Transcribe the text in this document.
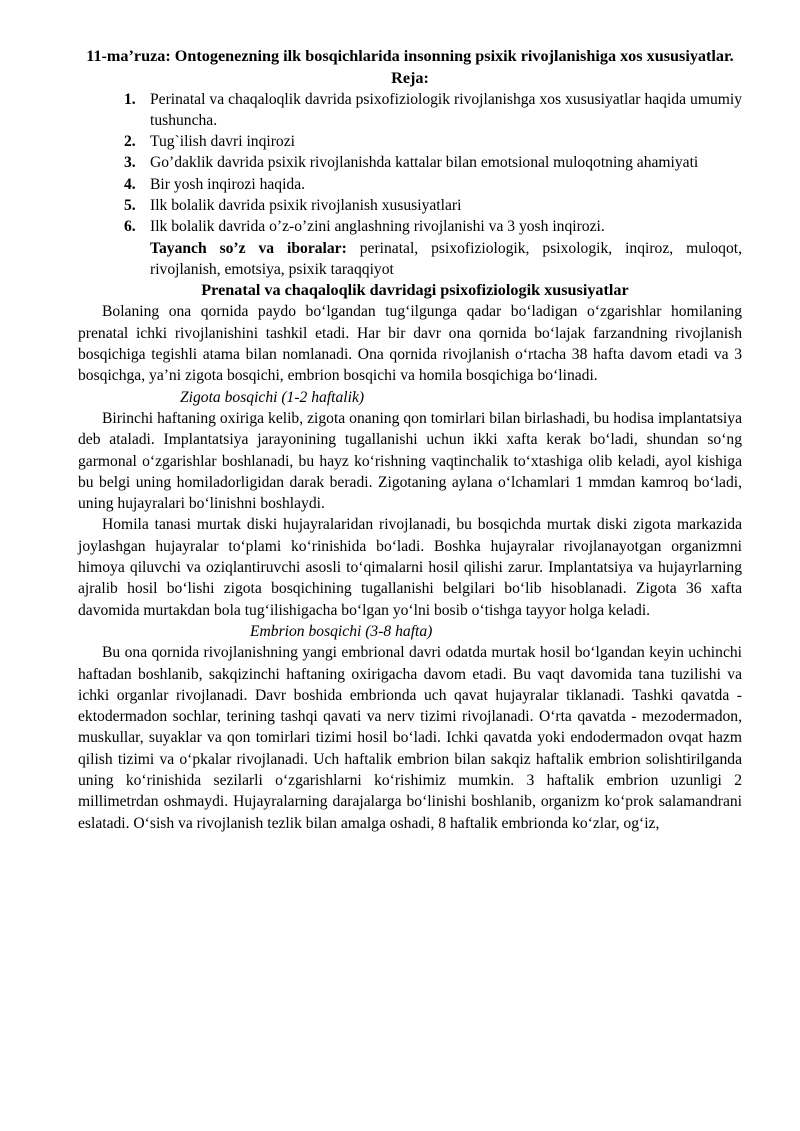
11-ma’ruza: Ontogenezning ilk bosqichlarida insonning psixik rivojlanishiga xos xususiyatlar.
Reja:
1. Perinatal va chaqaloqlik davrida psixofiziologik rivojlanishga xos xususiyatlar haqida umumiy tushuncha.
2. Tug`ilish davri inqirozi
3. Go’daklik davrida psixik rivojlanishda kattalar bilan emotsional muloqotning ahamiyati
4. Bir yosh inqirozi haqida.
5. Ilk bolalik davrida psixik rivojlanish xususiyatlari
6. Ilk bolalik davrida o’z-o’zini anglashning rivojlanishi va 3 yosh inqirozi.
Tayanch so’z va iboralar: perinatal, psixofiziologik, psixologik, inqiroz, muloqot, rivojlanish, emotsiya, psixik taraqqiyot
Prenatal va chaqaloqlik davridagi psixofiziologik xususiyatlar

Bolaning ona qornida paydo bo‘lgandan tug‘ilgunga qadar bo‘ladigan o‘zgarishlar homilaning prenatal ichki rivojlanishini tashkil etadi. Har bir davr ona qornida bo‘lajak farzandning rivojlanish bosqichiga tegishli atama bilan nomlanadi. Ona qornida rivojlanish o‘rtacha 38 hafta davom etadi va 3 bosqichga, ya’ni zigota bosqichi, embrion bosqichi va homila bosqichiga bo‘linadi.

Zigota bosqichi (1-2 haftalik)

Birinchi haftaning oxiriga kelib, zigota onaning qon tomirlari bilan birlashadi, bu hodisa implantatsiya deb ataladi. Implantatsiya jarayonining tugallanishi uchun ikki xafta kerak bo‘ladi, shundan so‘ng garmonal o‘zgarishlar boshlanadi, bu hayz ko‘rishning vaqtinchalik to‘xtashiga olib keladi, ayol kishiga bu belgi uning homiladorligidan darak beradi. Zigotaning aylana o‘lchamlari 1 mmdan kamroq bo‘ladi, uning hujayralari bo‘linishni boshlaydi.

Homila tanasi murtak diski hujayralaridan rivojlanadi, bu bosqichda murtak diski zigota markazida joylashgan hujayralar to‘plami ko‘rinishida bo‘ladi. Boshka hujayralar rivojlanayotgan organizmni himoya qiluvchi va oziqlantiruvchi asosli to‘qimalarni hosil qilishi zarur. Implantatsiya va hujayrlarning ajralib hosil bo‘lishi zigota bosqichining tugallanishi belgilari bo‘lib hisoblanadi. Zigota 36 xafta davomida murtakdan bola tug‘ilishigacha bo‘lgan yo‘lni bosib o‘tishga tayyor holga keladi.

Embrion bosqichi (3-8 hafta)

Bu ona qornida rivojlanishning yangi embrional davri odatda murtak hosil bo‘lgandan keyin uchinchi haftadan boshlanib, sakqizinchi haftaning oxirigacha davom etadi. Bu vaqt davomida tana tuzilishi va ichki organlar rivojlanadi. Davr boshida embrionda uch qavat hujayralar tiklanadi. Tashki qavatda - ektodermadon sochlar, terining tashqi qavati va nerv tizimi rivojlanadi. O‘rta qavatda - mezodermadon, muskullar, suyaklar va qon tomirlari tizimi hosil bo‘ladi. Ichki qavatda yoki endodermadon ovqat hazm qilish tizimi va o‘pkalar rivojlanadi. Uch haftalik embrion bilan sakqiz haftalik embrion solishtirilganda uning ko‘rinishida sezilarli o‘zgarishlarni ko‘rishimiz mumkin. 3 haftalik embrion uzunligi 2 millimetrdan oshmaydi. Hujayralarning darajalarga bo‘linishi boshlanib, organizm ko‘prok salamandrani eslatadi. O‘sish va rivojlanish tezlik bilan amalga oshadi, 8 haftalik embrionda ko‘zlar, og‘iz,
